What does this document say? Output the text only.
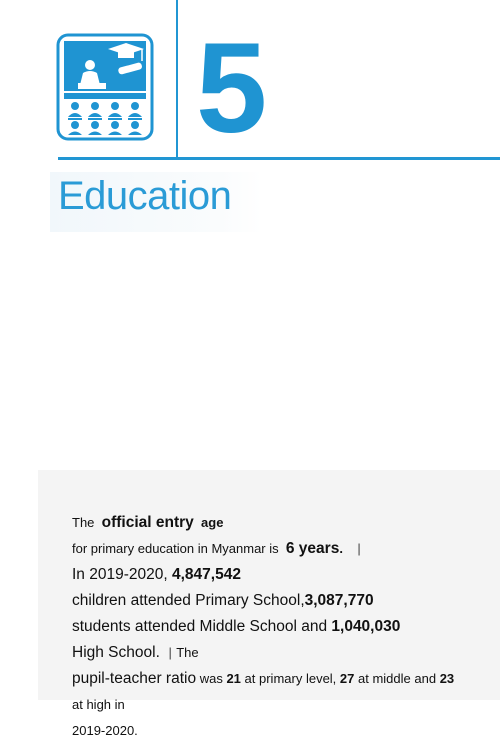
5
Education
The official entry age for primary education in Myanmar is 6 years. |
In 2019-2020, 4,847,542 children attended Primary School,3,087,770
students attended Middle School and 1,040,030 High School. | The
pupil-teacher ratio was 21 at primary level, 27 at middle and 23 at high in
2019-2020.
